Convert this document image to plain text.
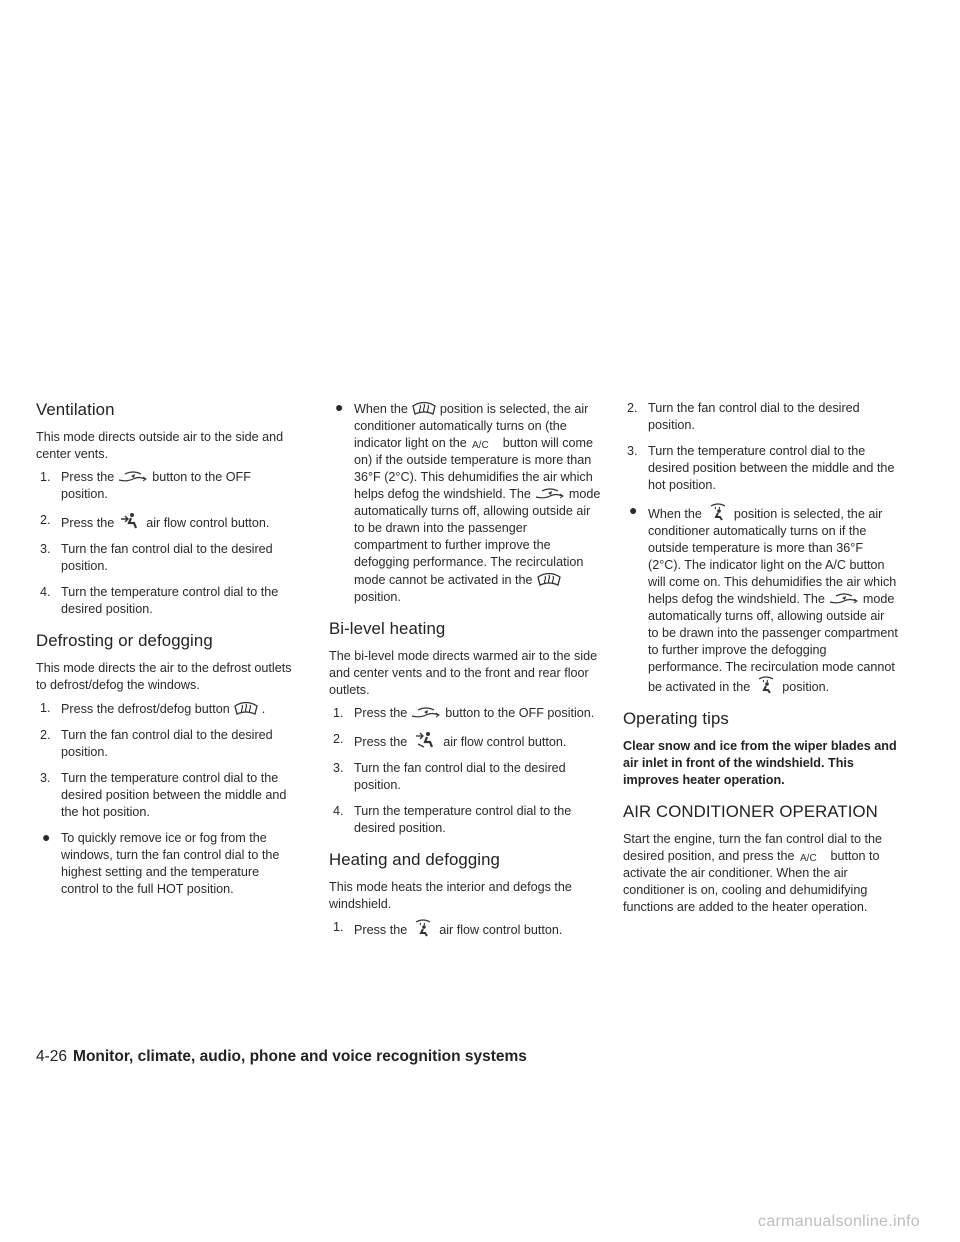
Ventilation

This mode directs outside air to the side and center vents.

1. Press the	button to the OFF position.
2. Press the	air flow control button.
3. Turn the fan control dial to the desired position.
4. Turn the temperature control dial to the desired position.
Defrosting or defogging

This mode directs the air to the defrost outlets to defrost/defog the windows.

1. Press the defrost/defog button	.
2. Turn the fan control dial to the desired position.
3. Turn the temperature control dial to the desired position between the middle and the hot position.
● To quickly remove ice or fog from the windows, turn the fan control dial to the highest setting and the temperature control to the full HOT position.
● When the	position is selected, the air conditioner automatically turns on (the indicator light on the A/C button will come on) if the outside temperature is more than 36°F (2°C). This dehumidifies the air which helps defog the windshield. The	mode automatically turns off, allowing outside air to be drawn into the passenger compartment to further improve the defogging performance. The recirculation mode cannot be activated in the
position.
Bi-level heating

The bi-level mode directs warmed air to the side and center vents and to the front and rear floor outlets.

1. Press the	button to the OFF position.
2. Press the	air flow control button.
3. Turn the fan control dial to the desired position.
4. Turn the temperature control dial to the desired position.
Heating and defogging

This mode heats the interior and defogs the windshield.

1. Press the	air flow control button.
2. Turn the fan control dial to the desired position.
3. Turn the temperature control dial to the desired position between the middle and the hot position.
● When the	position is selected, the air conditioner automatically turns on if the outside temperature is more than 36°F (2°C). The indicator light on the A/C button will come on. This dehumidifies the air which helps defog the windshield. The	mode automatically turns off, allowing outside air to be drawn into the passenger compartment to further improve the defogging performance. The recirculation mode cannot be activated in the	position.
Operating tips

Clear snow and ice from the wiper blades and air inlet in front of the windshield. This improves heater operation.

AIR CONDITIONER OPERATION

Start the engine, turn the fan control dial to the desired position, and press the A/C button to activate the air conditioner. When the air conditioner is on, cooling and dehumidifying functions are added to the heater operation.

4-26 Monitor, climate, audio, phone and voice recognition systems
carmanualsonline.info
